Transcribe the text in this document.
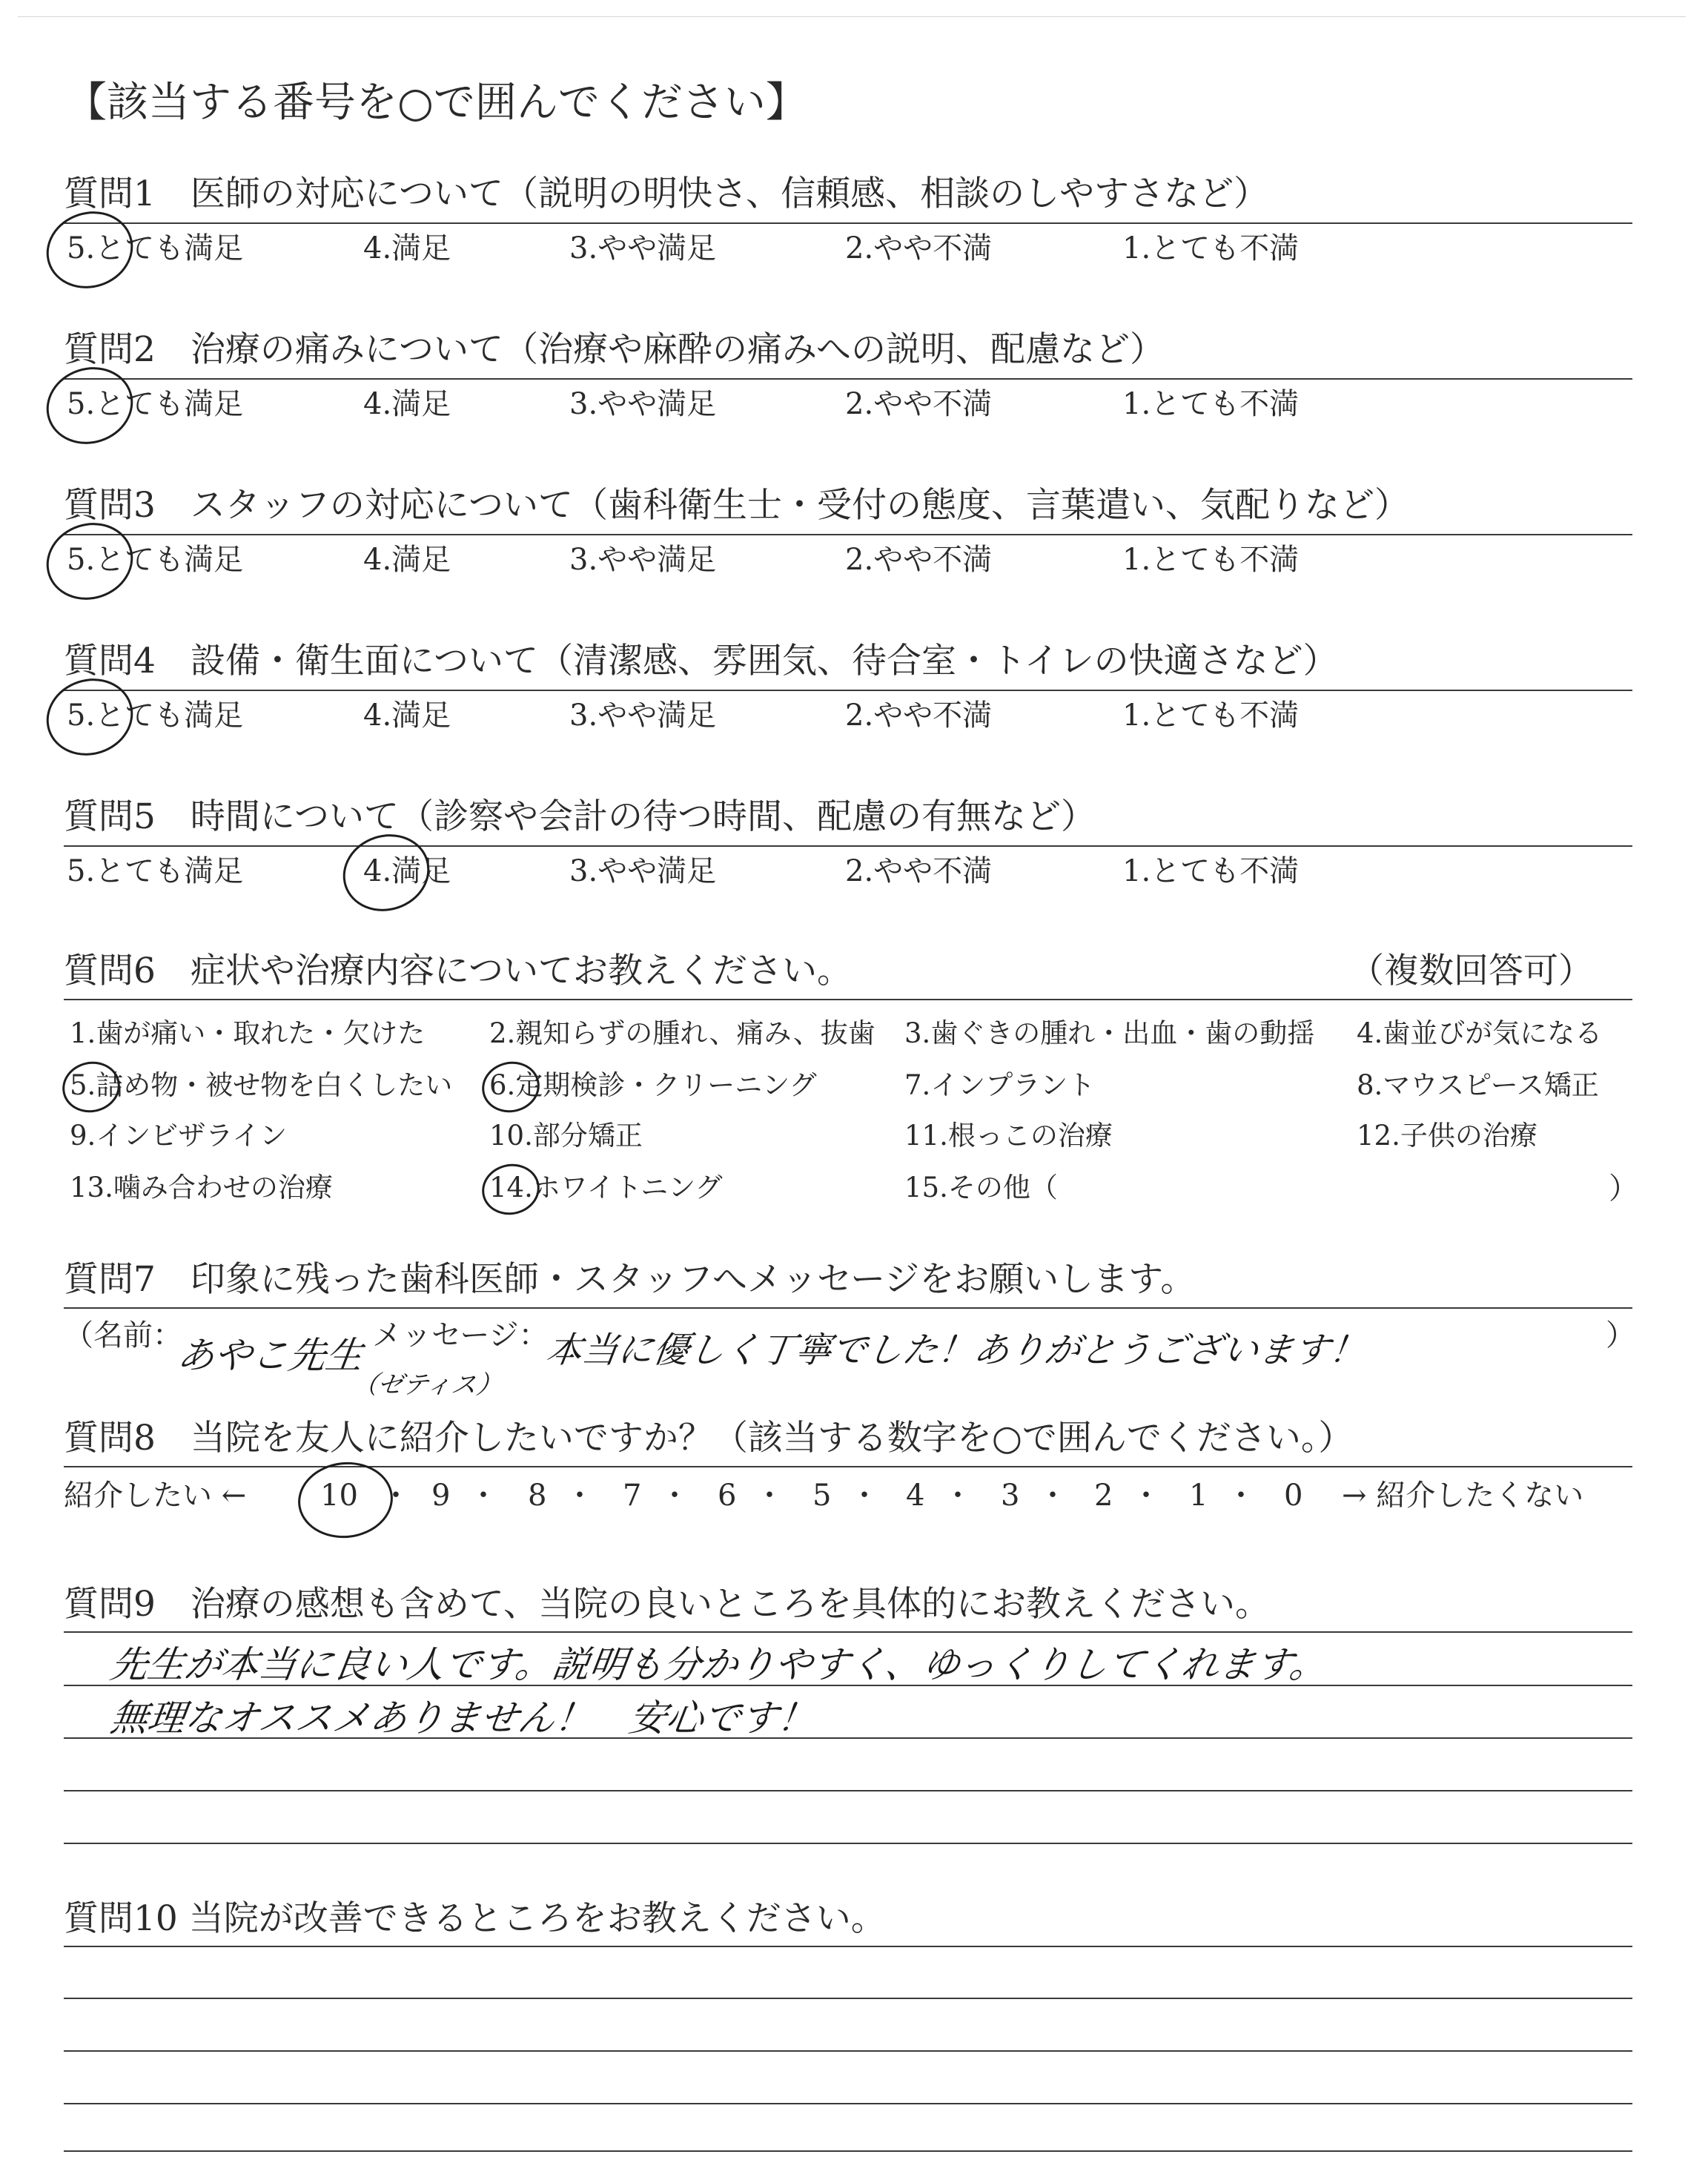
【該当する番号を○で囲んでください】
質問1　医師の対応について（説明の明快さ、信頼感、相談のしやすさなど）
5.とても満足	4.満足	3.やや満足	2.やや不満	1.とても不満
質問2　治療の痛みについて（治療や麻酔の痛みへの説明、配慮など）
5.とても満足	4.満足	3.やや満足	2.やや不満	1.とても不満
質問3　スタッフの対応について（歯科衛生士・受付の態度、言葉遣い、気配りなど）
5.とても満足	4.満足	3.やや満足	2.やや不満	1.とても不満
質問4　設備・衛生面について（清潔感、雰囲気、待合室・トイレの快適さなど）
5.とても満足	4.満足	3.やや満足	2.やや不満	1.とても不満
質問5　時間について（診察や会計の待つ時間、配慮の有無など）
5.とても満足	4.満足	3.やや満足	2.やや不満	1.とても不満
質問6　症状や治療内容についてお教えください。	（複数回答可）
1.歯が痛い・取れた・欠けた 2.親知らずの腫れ、痛み、抜歯 3.歯ぐきの腫れ・出血・歯の動揺 4.歯並びが気になる
5.詰め物・被せ物を白くしたい 6.定期検診・クリーニング	7.インプラント	8.マウスピース矯正
9.インビザライン	10.部分矯正	11.根っこの治療	12.子供の治療
13.噛み合わせの治療	14.ホワイトニング	15.その他（	）
質問7　印象に残った歯科医師・スタッフへメッセージをお願いします。
（名前：
あやこ先生
（ゼティス）
メッセージ：
本当に優しく丁寧でした！ありがとうございます！	）
質問8　当院を友人に紹介したいですか？（該当する数字を○で囲んでください。）
紹介したい ← 10 ・ 9 ・ 8 ・ 7 ・ 6 ・ 5 ・ 4 ・ 3 ・ 2 ・ 1 ・ 0 → 紹介したくない
質問9　治療の感想も含めて、当院の良いところを具体的にお教えください。
先生が本当に良い人です。説明も分かりやすく、ゆっくりしてくれます。
無理なオススメありません！　安心です！
質問10 当院が改善できるところをお教えください。
